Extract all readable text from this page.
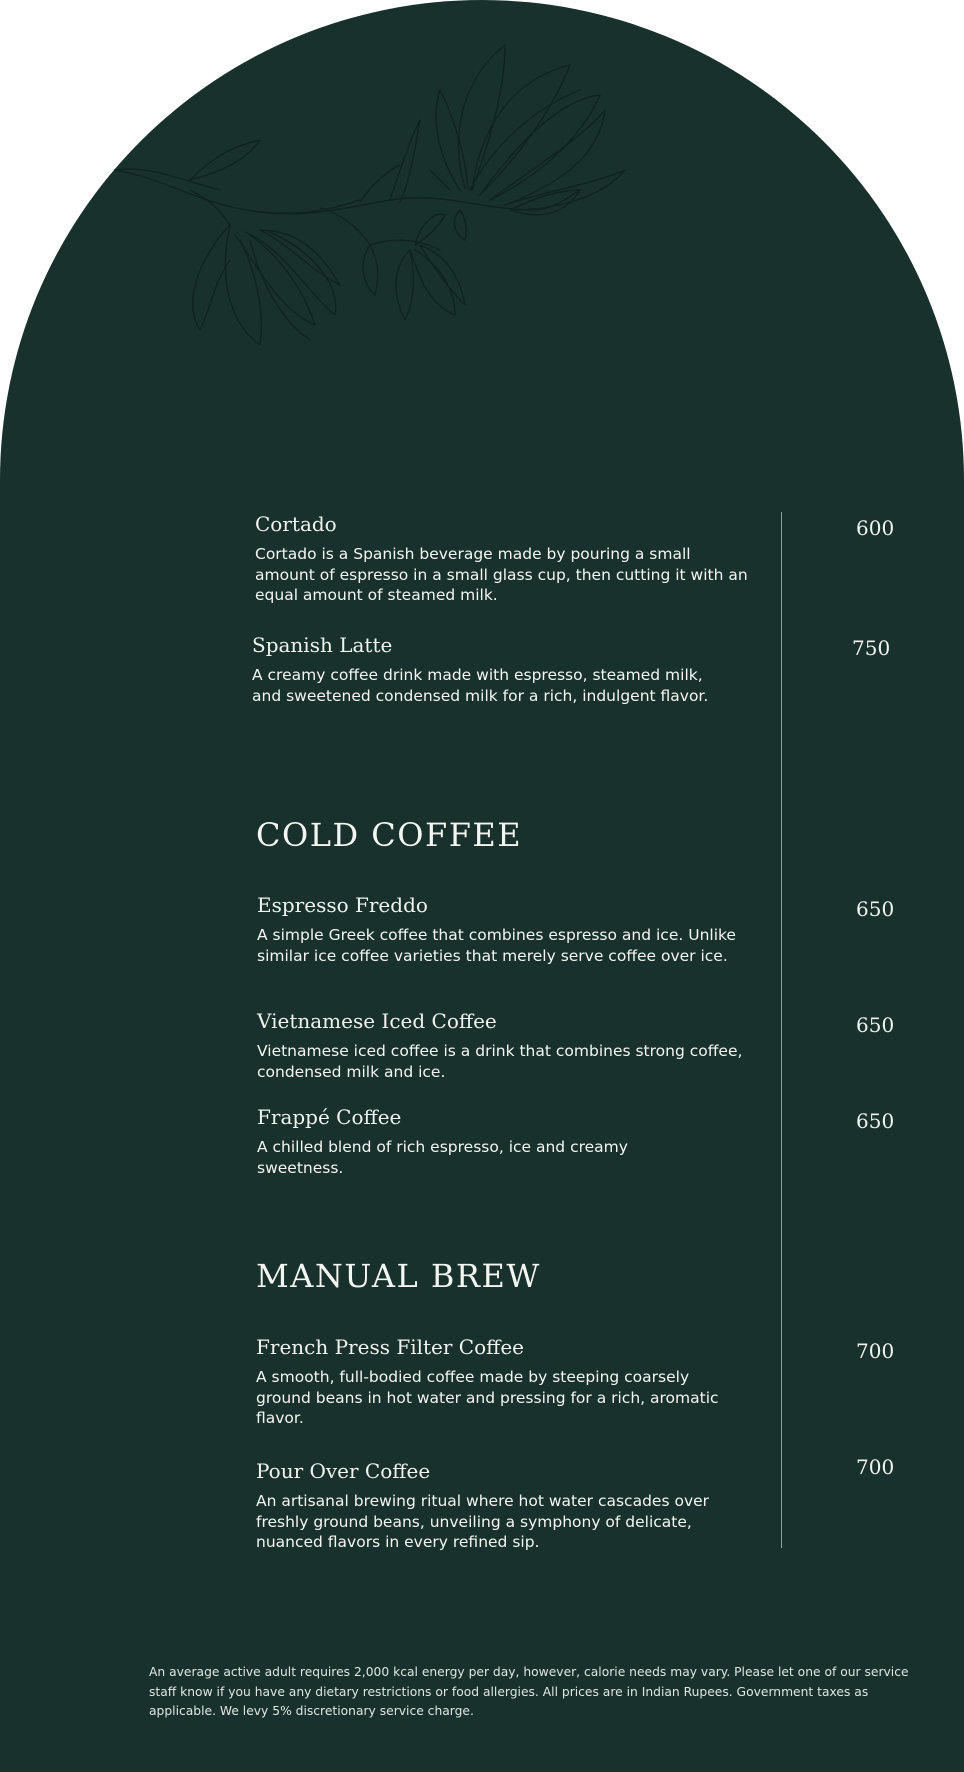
Cortado

Cortado is a Spanish beverage made by pouring a small amount of espresso in a small glass cup, then cutting it with an equal amount of steamed milk.

600
Spanish Latte

A creamy coffee drink made with espresso, steamed milk, and sweetened condensed milk for a rich, indulgent flavor.

750
COLD COFFEE
Espresso Freddo

A simple Greek coffee that combines espresso and ice. Unlike similar ice coffee varieties that merely serve coffee over ice.

650
Vietnamese Iced Coffee

Vietnamese iced coffee is a drink that combines strong coffee, condensed milk and ice.

650
Frappé Coffee

A chilled blend of rich espresso, ice and creamy sweetness.

650
MANUAL BREW
French Press Filter Coffee

A smooth, full-bodied coffee made by steeping coarsely ground beans in hot water and pressing for a rich, aromatic flavor.

700
Pour Over Coffee

An artisanal brewing ritual where hot water cascades over freshly ground beans, unveiling a symphony of delicate, nuanced flavors in every refined sip.

700

An average active adult requires 2,000 kcal energy per day, however, calorie needs may vary. Please let one of our service staff know if you have any dietary restrictions or food allergies. All prices are in Indian Rupees. Government taxes as applicable. We levy 5% discretionary service charge.
